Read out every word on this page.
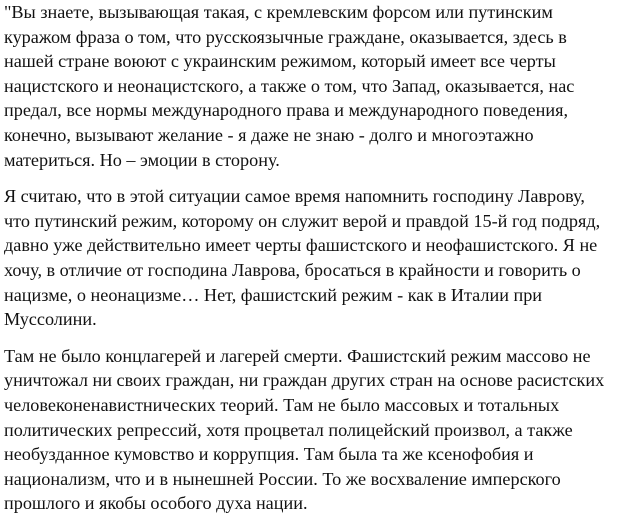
"Вы знаете, вызывающая такая, с кремлевским форсом или путинским
куражом фраза о том, что русскоязычные граждане, оказывается, здесь в
нашей стране воюют с украинским режимом, который имеет все черты
нацистского и неонацистского, а также о том, что Запад, оказывается, нас
предал, все нормы международного права и международного поведения,
конечно, вызывают желание - я даже не знаю - долго и многоэтажно
материться. Но – эмоции в сторону.

Я считаю, что в этой ситуации самое время напомнить господину Лаврову,
что путинский режим, которому он служит верой и правдой 15-й год подряд,
давно уже действительно имеет черты фашистского и неофашистского. Я не
хочу, в отличие от господина Лаврова, бросаться в крайности и говорить о
нацизме, о неонацизме… Нет, фашистский режим - как в Италии при
Муссолини.

Там не было концлагерей и лагерей смерти. Фашистский режим массово не
уничтожал ни своих граждан, ни граждан других стран на основе расистских
человеконенавистнических теорий. Там не было массовых и тотальных
политических репрессий, хотя процветал полицейский произвол, а также
необузданное кумовство и коррупция. Там была та же ксенофобия и
национализм, что и в нынешней России. То же восхваление имперского
прошлого и якобы особого духа нации.
